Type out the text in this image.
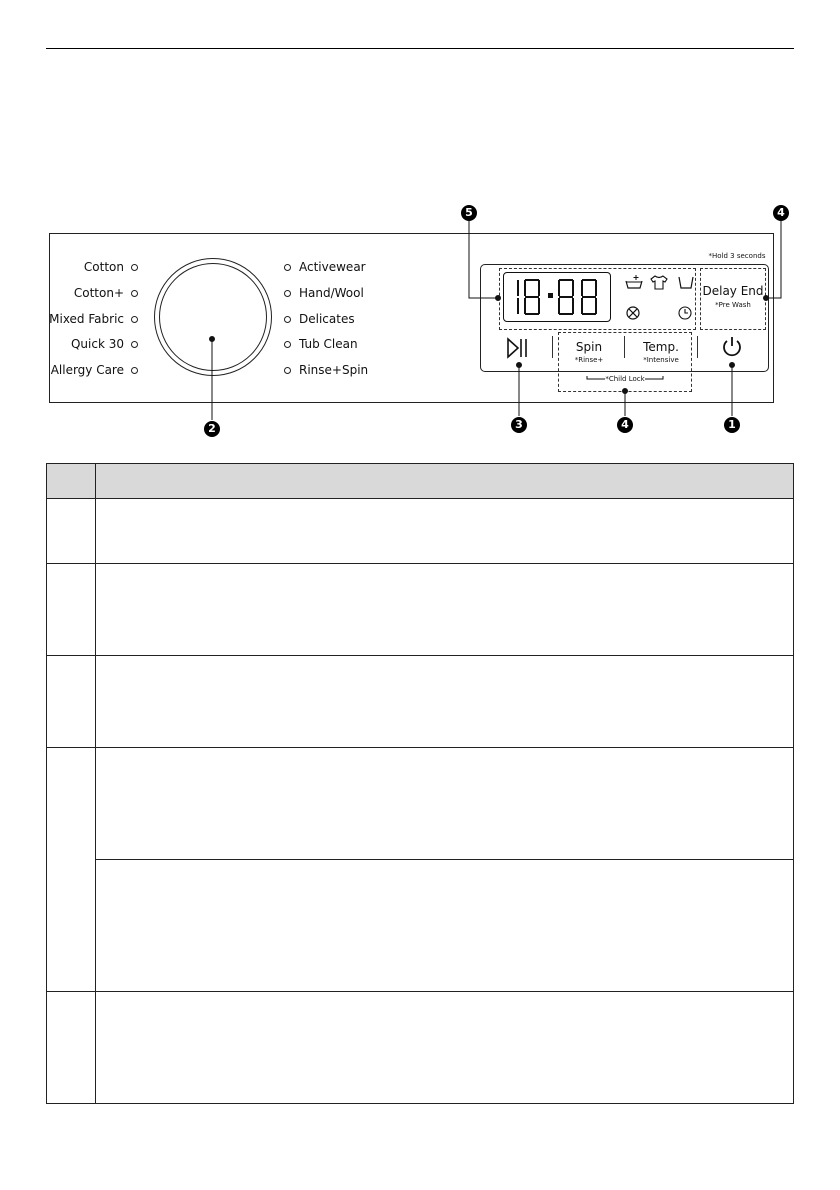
Cotton
Cotton+
Mixed Fabric
Quick 30
Allergy Care
Activewear
Hand/Wool
Delicates
Tub Clean
Rinse+Spin
*Hold 3 seconds
Delay End
*Pre Wash
Spin
*Rinse+
Temp.
*Intensive
*Child Lock
5	4
2	3	4	1
